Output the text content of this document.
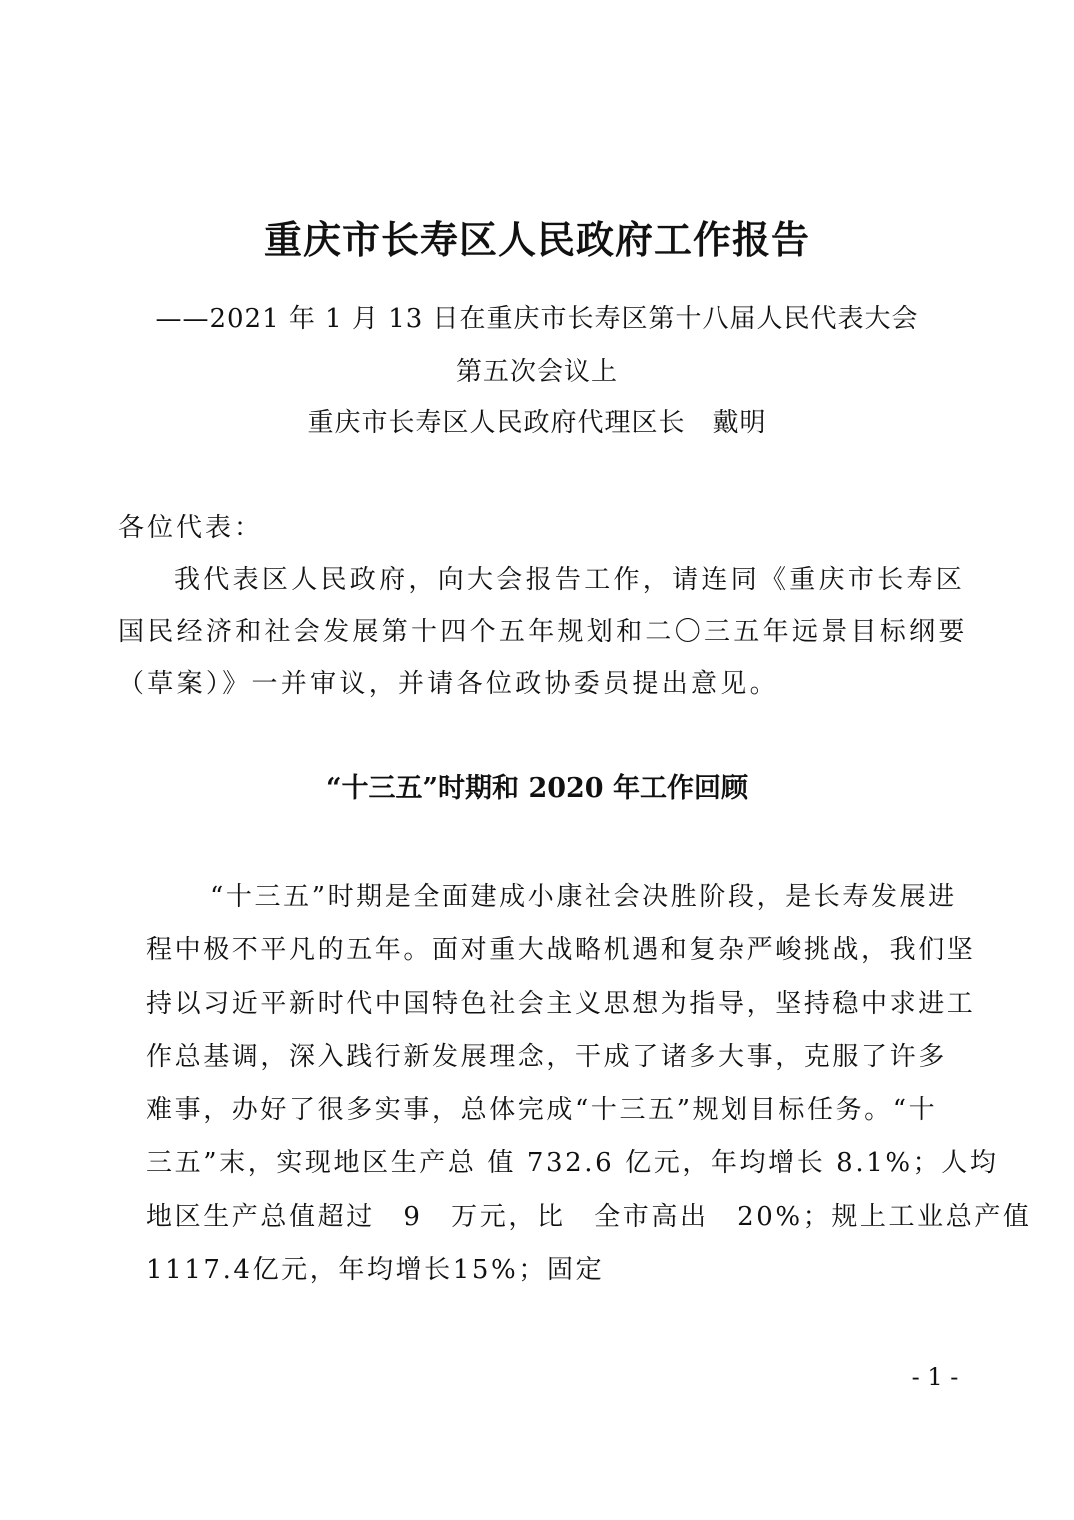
重庆市长寿区人民政府工作报告
——2021 年 1 月 13 日在重庆市长寿区第十八届人民代表大会
第五次会议上
重庆市长寿区人民政府代理区长　戴明
各位代表：
我代表区人民政府，向大会报告工作，请连同《重庆市长寿区
国民经济和社会发展第十四个五年规划和二〇三五年远景目标纲要
（草案）》一并审议，并请各位政协委员提出意见。
“十三五”时期和 2020 年工作回顾
“十三五”时期是全面建成小康社会决胜阶段，是长寿发展进
程中极不平凡的五年。面对重大战略机遇和复杂严峻挑战，我们坚
持以习近平新时代中国特色社会主义思想为指导，坚持稳中求进工
作总基调，深入践行新发展理念，干成了诸多大事，克服了许多
难事，办好了很多实事，总体完成“十三五”规划目标任务。“十
三五”末，实现地区生产总 值 732.6 亿元，年均增长 8.1%；人均
地区生产总值超过　9　万元，比　全市高出　20%；规上工业总产值
1117.4亿元，年均增长15%；固定
- 1 -
